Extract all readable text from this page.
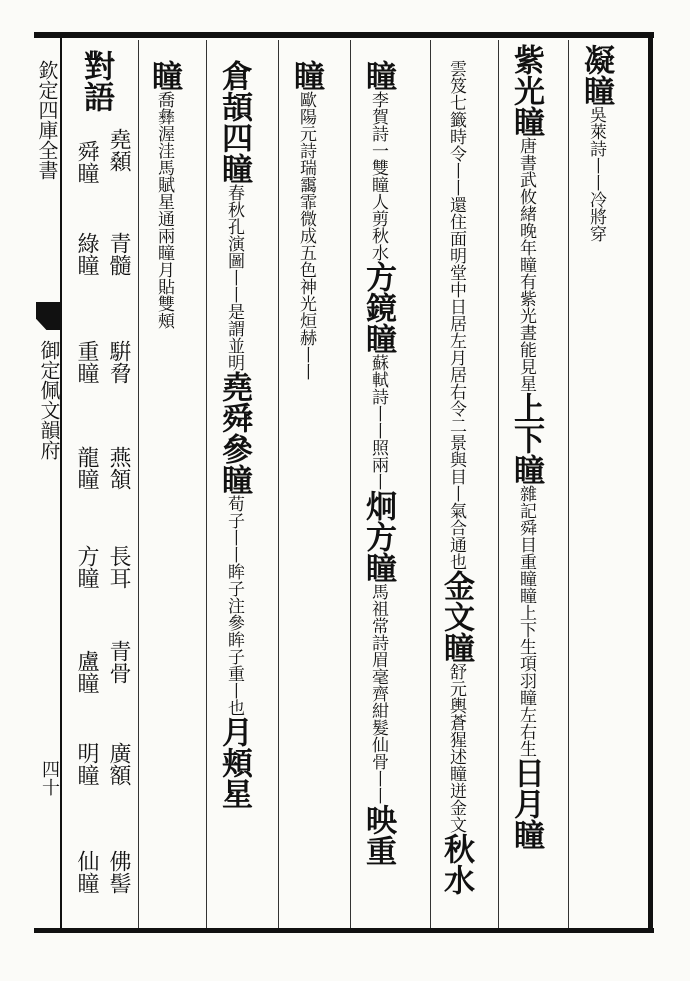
欽定四庫全書
御定佩文韻府
四十
凝瞳吳萊詩丨丨冷將穿
紫光瞳唐書武攸緒晚年瞳有紫光晝能見星上下瞳雜記舜目重瞳瞳上下生項羽瞳左右生日月瞳
雲笈七籤時令丨丨還住面明堂中日居左月居右令二景與目丨氣合通也金文瞳舒元輿蒼猩述瞳迸金文秋水
瞳李賀詩一雙瞳人剪秋水方鏡瞳蘇軾詩丨丨照兩丨炯方瞳馬祖常詩眉毫齊紺髮仙骨丨丨映重
瞳歐陽元詩瑞靄霏微成五色神光烜赫丨丨
倉頡四瞳春秋孔演圖丨丨是謂並明堯舜參瞳荀子丨丨眸子注參眸子重丨也月頬星
瞳喬彝渥洼馬賦星通兩瞳月貼雙頰
對語
堯顙
舜瞳
青髓
綠瞳
騈脅
重瞳
燕頷
龍瞳
長耳
方瞳
青骨
盧瞳
廣額
明瞳
佛髻
仙瞳
